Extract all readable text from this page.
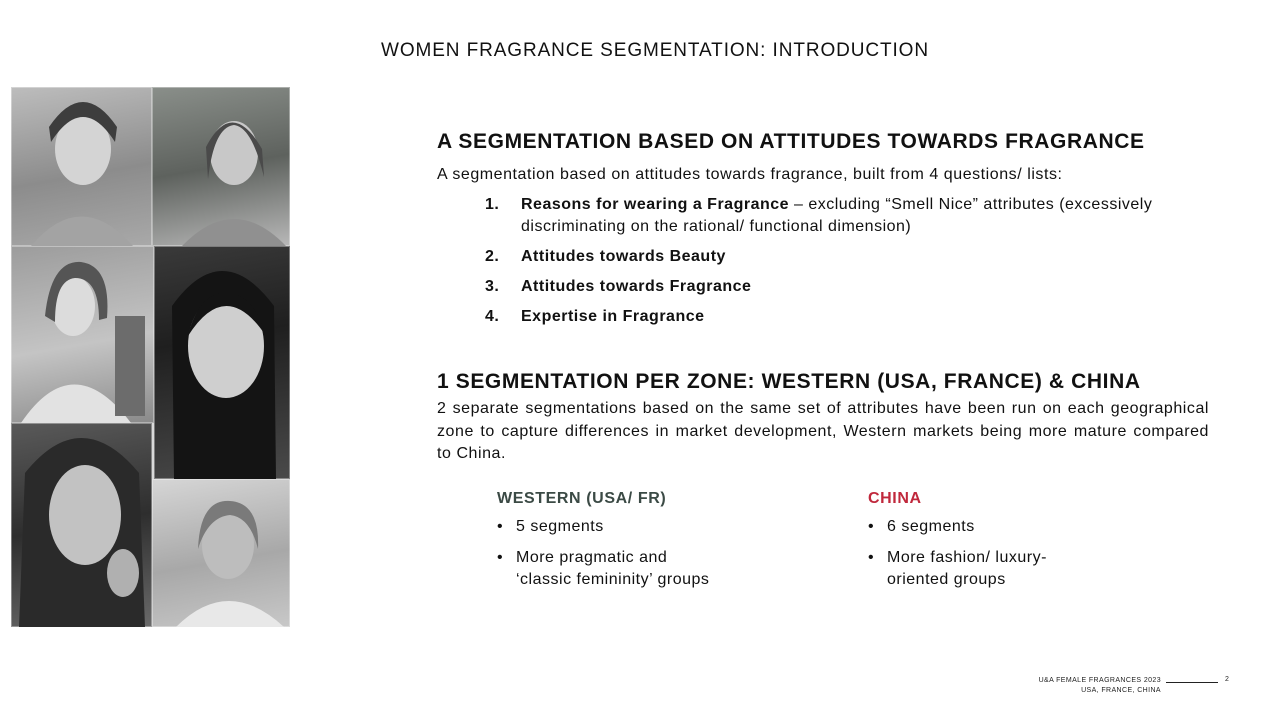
WOMEN FRAGRANCE SEGMENTATION: INTRODUCTION
A SEGMENTATION BASED ON ATTITUDES TOWARDS FRAGRANCE

A segmentation based on attitudes towards fragrance, built from 4 questions/ lists:

1.	Reasons for wearing a Fragrance – excluding “Smell Nice” attributes (excessively discriminating on the rational/ functional dimension)
2.	Attitudes towards Beauty
3.	Attitudes towards Fragrance
4.	Expertise in Fragrance
1 SEGMENTATION PER ZONE: WESTERN (USA, FRANCE) & CHINA

2 separate segmentations based on the same set of attributes have been run on each geographical zone to capture differences in market development, Western markets being more mature compared to China.

WESTERN (USA/ FR)
• 5 segments
• More pragmatic and
‘classic femininity’ groups
CHINA
• 6 segments
• More fashion/ luxury-
oriented groups
U&A FEMALE FRAGRANCES 2023
USA, FRANCE, CHINA
2
